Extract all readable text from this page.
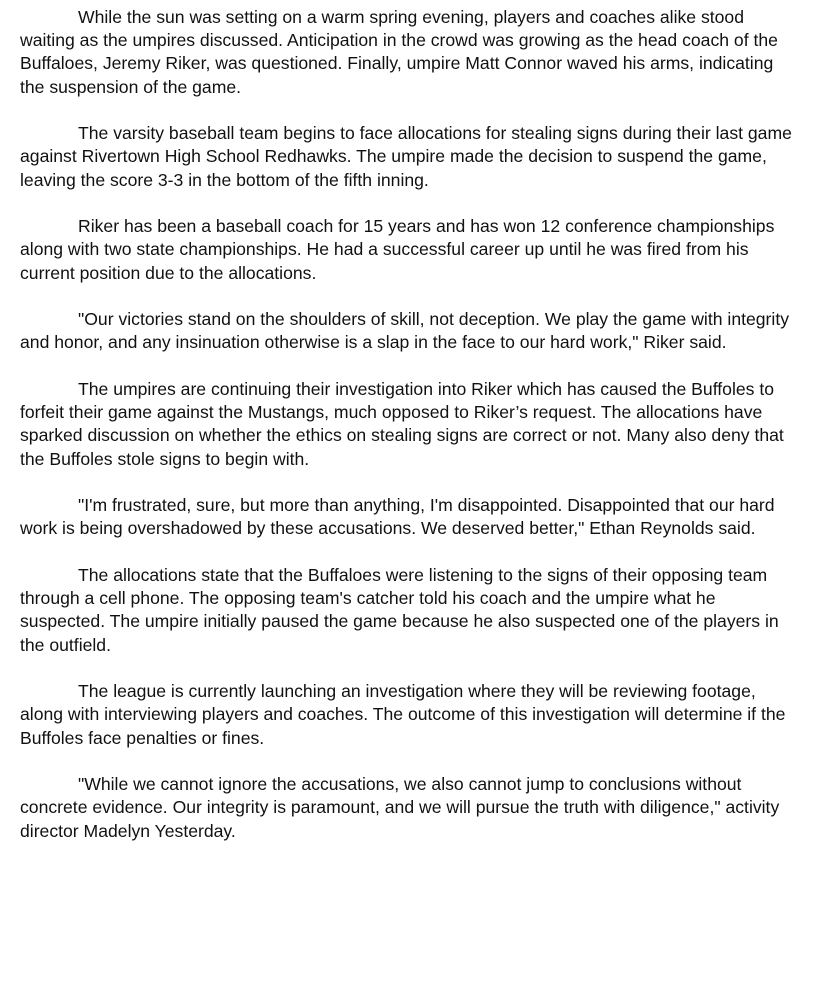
While the sun was setting on a warm spring evening, players and coaches alike stood waiting as the umpires discussed. Anticipation in the crowd was growing as the head coach of the Buffaloes, Jeremy Riker, was questioned. Finally, umpire Matt Connor waved his arms, indicating the suspension of the game.

The varsity baseball team begins to face allocations for stealing signs during their last game against Rivertown High School Redhawks. The umpire made the decision to suspend the game, leaving the score 3-3 in the bottom of the fifth inning.

Riker has been a baseball coach for 15 years and has won 12 conference championships along with two state championships. He had a successful career up until he was fired from his current position due to the allocations.

"Our victories stand on the shoulders of skill, not deception. We play the game with integrity and honor, and any insinuation otherwise is a slap in the face to our hard work," Riker said.

The umpires are continuing their investigation into Riker which has caused the Buffoles to forfeit their game against the Mustangs, much opposed to Riker’s request. The allocations have sparked discussion on whether the ethics on stealing signs are correct or not. Many also deny that the Buffoles stole signs to begin with.

"I'm frustrated, sure, but more than anything, I'm disappointed. Disappointed that our hard work is being overshadowed by these accusations. We deserved better," Ethan Reynolds said.

The allocations state that the Buffaloes were listening to the signs of their opposing team through a cell phone. The opposing team's catcher told his coach and the umpire what he suspected. The umpire initially paused the game because he also suspected one of the players in the outfield.

The league is currently launching an investigation where they will be reviewing footage, along with interviewing players and coaches. The outcome of this investigation will determine if the Buffoles face penalties or fines.

"While we cannot ignore the accusations, we also cannot jump to conclusions without concrete evidence. Our integrity is paramount, and we will pursue the truth with diligence," activity director Madelyn Yesterday.
